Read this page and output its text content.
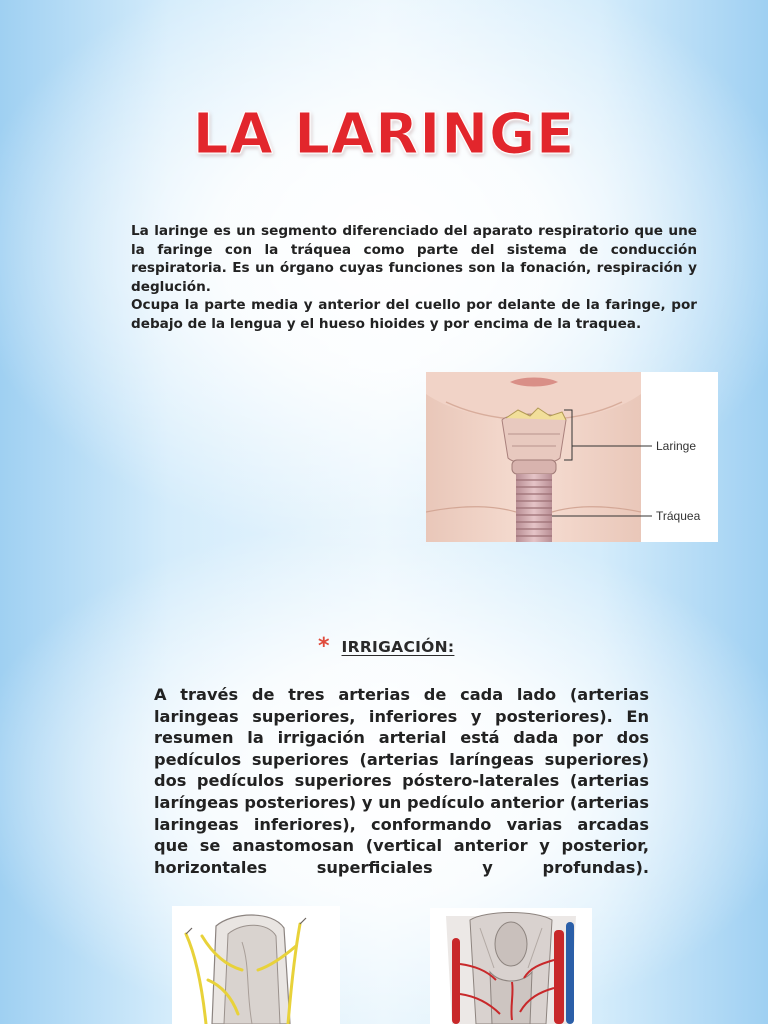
LA LARINGE

La laringe es un segmento diferenciado del aparato respiratorio que une la faringe con la tráquea como parte del sistema de conducción respiratoria. Es un órgano cuyas funciones son la fonación, respiración y deglución.

Ocupa la parte media y anterior del cuello por delante de la faringe, por debajo de la lengua y el hueso hioides y por encima de la traquea.

Laringe
Tráquea
* IRRIGACIÓN:

A través de tres arterias de cada lado (arterias laringeas superiores, inferiores y posteriores). En resumen la irrigación arterial está dada por dos pedículos superiores (arterias laríngeas superiores) dos pedículos superiores póstero-laterales (arterias laríngeas posteriores) y un pedículo anterior (arterias laringeas inferiores), conformando varias arcadas que se anastomosan (vertical anterior y posterior, horizontales superficiales y profundas).
